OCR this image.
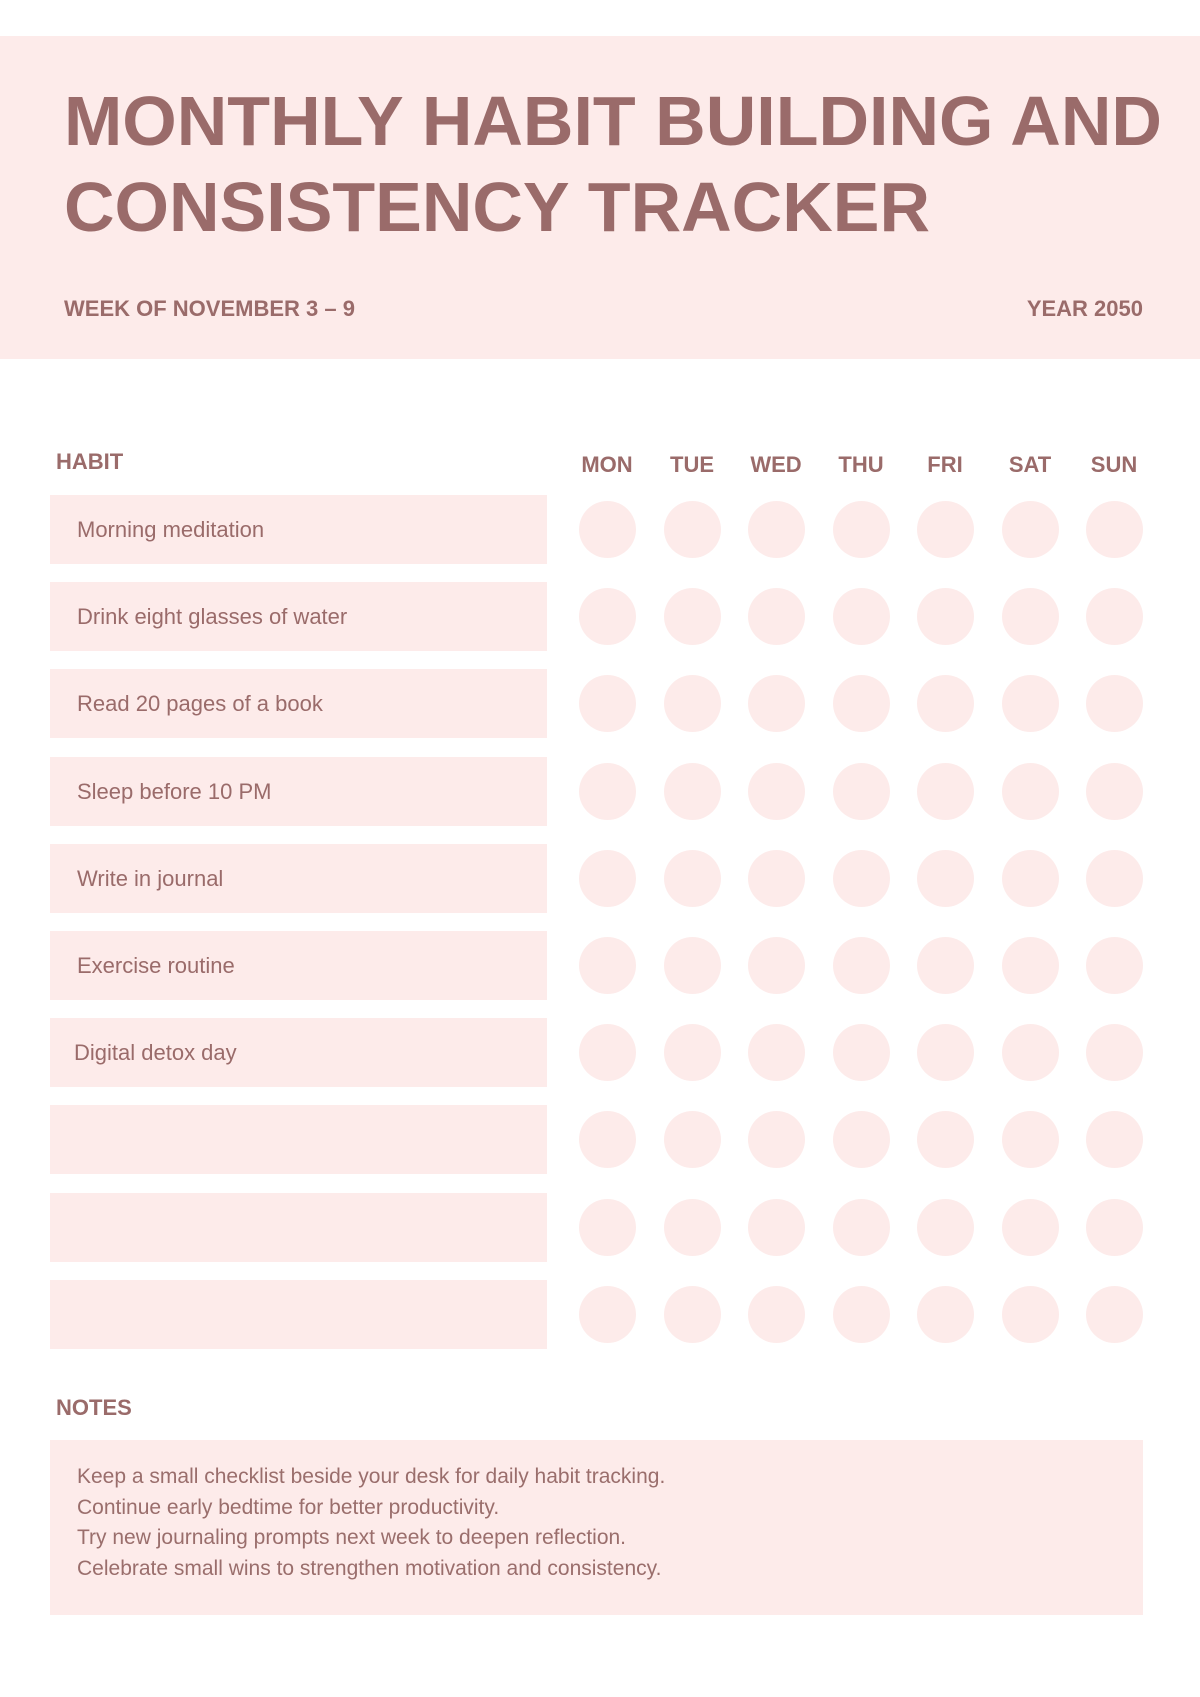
MONTHLY HABIT BUILDING AND
CONSISTENCY TRACKER
WEEK OF NOVEMBER 3 – 9	YEAR 2050
HABIT	MON	TUE	WED	THU	FRI	SAT	SUN
Morning meditation
Drink eight glasses of water
Read 20 pages of a book
Sleep before 10 PM
Write in journal
Exercise routine
Digital detox day
NOTES
Keep a small checklist beside your desk for daily habit tracking.
Continue early bedtime for better productivity.
Try new journaling prompts next week to deepen reflection.
Celebrate small wins to strengthen motivation and consistency.
